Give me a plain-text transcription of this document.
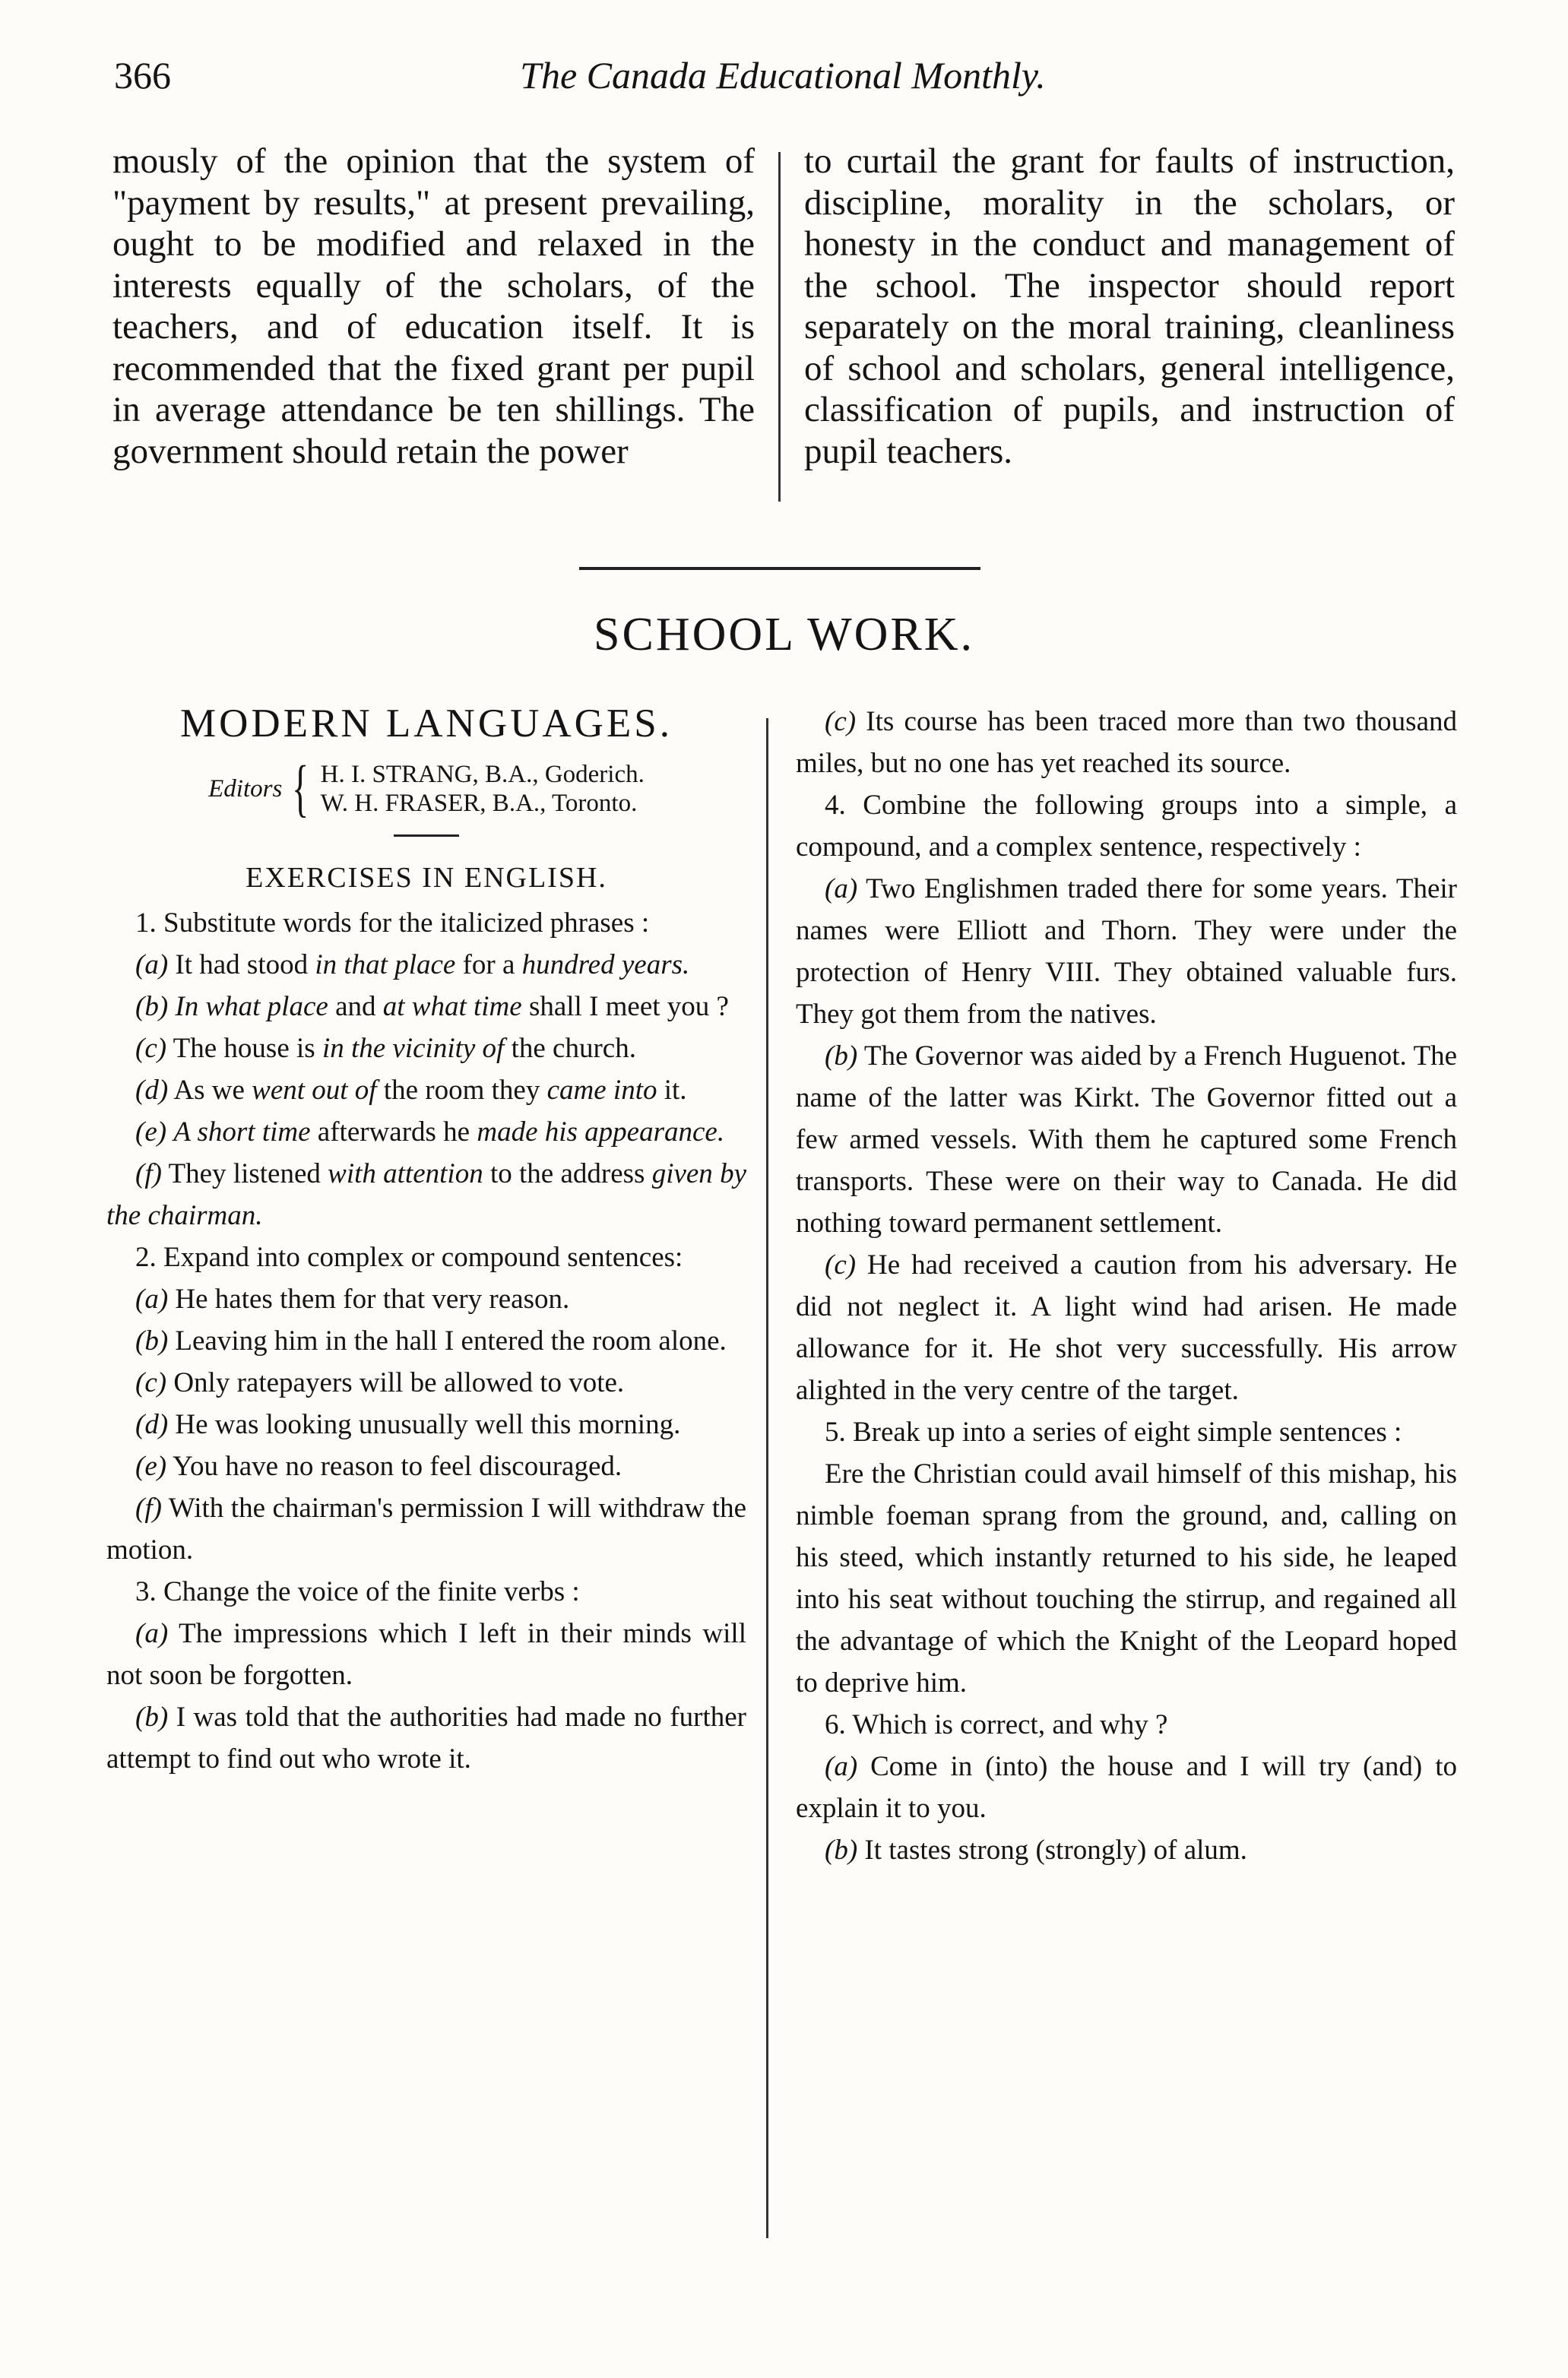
366	The Canada Educational Monthly.

mously of the opinion that the system of "payment by results," at present prevailing, ought to be modified and relaxed in the interests equally of the scholars, of the teachers, and of education itself. It is recommended that the fixed grant per pupil in average attendance be ten shillings. The government should retain the power

to curtail the grant for faults of instruction, discipline, morality in the scholars, or honesty in the conduct and management of the school. The inspector should report separately on the moral training, cleanliness of school and scholars, general intelligence, classification of pupils, and instruction of pupil teachers.

SCHOOL WORK.
MODERN LANGUAGES.
Editors { H. I. STRANG, B.A., Goderich.
W. H. FRASER, B.A., Toronto.
EXERCISES IN ENGLISH.

1. Substitute words for the italicized phrases :

(a) It had stood in that place for a hundred years.

(b) In what place and at what time shall I meet you ?

(c) The house is in the vicinity of the church.

(d) As we went out of the room they came into it.

(e) A short time afterwards he made his appearance.

(f) They listened with attention to the address given by the chairman.

2. Expand into complex or compound sentences:

(a) He hates them for that very reason.

(b) Leaving him in the hall I entered the room alone.

(c) Only ratepayers will be allowed to vote.

(d) He was looking unusually well this morning.

(e) You have no reason to feel discouraged.

(f) With the chairman's permission I will withdraw the motion.

3. Change the voice of the finite verbs :

(a) The impressions which I left in their minds will not soon be forgotten.

(b) I was told that the authorities had made no further attempt to find out who wrote it.

(c) Its course has been traced more than two thousand miles, but no one has yet reached its source.

4. Combine the following groups into a simple, a compound, and a complex sentence, respectively :

(a) Two Englishmen traded there for some years. Their names were Elliott and Thorn. They were under the protection of Henry VIII. They obtained valuable furs. They got them from the natives.

(b) The Governor was aided by a French Huguenot. The name of the latter was Kirkt. The Governor fitted out a few armed vessels. With them he captured some French transports. These were on their way to Canada. He did nothing toward permanent settlement.

(c) He had received a caution from his adversary. He did not neglect it. A light wind had arisen. He made allowance for it. He shot very successfully. His arrow alighted in the very centre of the target.

5. Break up into a series of eight simple sentences :

Ere the Christian could avail himself of this mishap, his nimble foeman sprang from the ground, and, calling on his steed, which instantly returned to his side, he leaped into his seat without touching the stirrup, and regained all the advantage of which the Knight of the Leopard hoped to deprive him.

6. Which is correct, and why ?

(a) Come in (into) the house and I will try (and) to explain it to you.

(b) It tastes strong (strongly) of alum.
